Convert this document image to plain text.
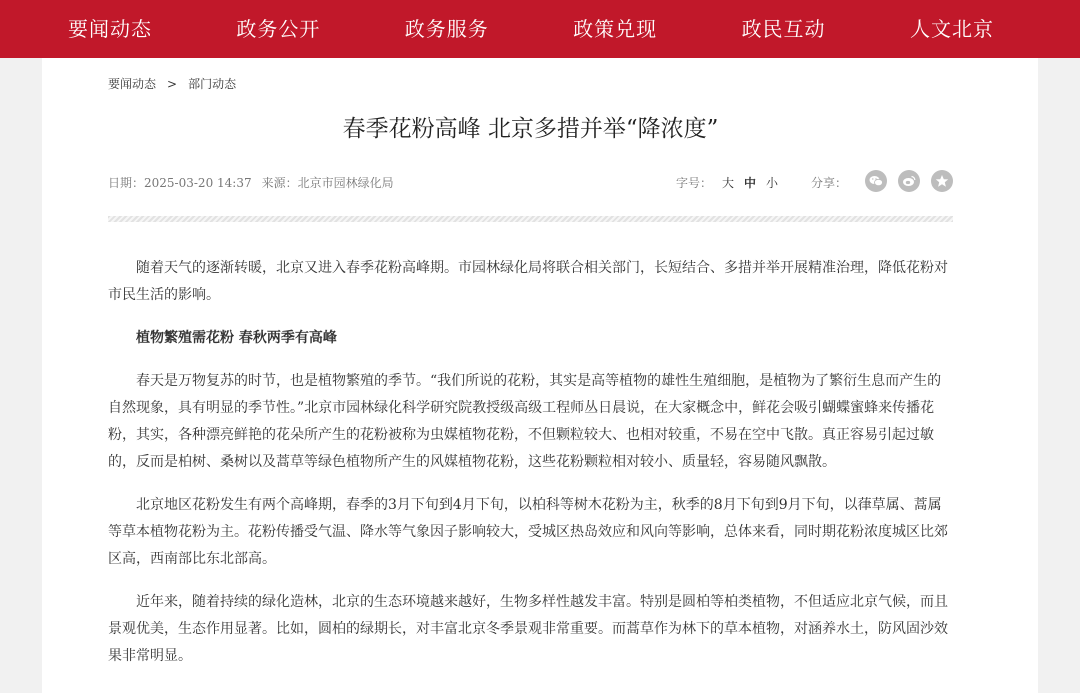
要闻动态	政务公开	政务服务	政策兑现	政民互动	人文北京
要闻动态 > 部门动态
春季花粉高峰 北京多措并举“降浓度”
日期：2025-03-20 14:37 来源：北京市园林绿化局	字号： 大 中 小	分享：

随着天气的逐渐转暖，北京又进入春季花粉高峰期。市园林绿化局将联合相关部门，长短结合、多措并举开展精准治理，降低花粉对市民生活的影响。

植物繁殖需花粉 春秋两季有高峰

春天是万物复苏的时节，也是植物繁殖的季节。“我们所说的花粉，其实是高等植物的雄性生殖细胞，是植物为了繁衍生息而产生的自然现象，具有明显的季节性。”北京市园林绿化科学研究院教授级高级工程师丛日晨说，在大家概念中，鲜花会吸引蝴蝶蜜蜂来传播花粉，其实，各种漂亮鲜艳的花朵所产生的花粉被称为虫媒植物花粉，不但颗粒较大、也相对较重，不易在空中飞散。真正容易引起过敏的，反而是柏树、桑树以及蒿草等绿色植物所产生的风媒植物花粉，这些花粉颗粒相对较小、质量轻，容易随风飘散。

北京地区花粉发生有两个高峰期，春季的3月下旬到4月下旬，以柏科等树木花粉为主，秋季的8月下旬到9月下旬，以葎草属、蒿属等草本植物花粉为主。花粉传播受气温、降水等气象因子影响较大，受城区热岛效应和风向等影响，总体来看，同时期花粉浓度城区比郊区高，西南部比东北部高。

近年来，随着持续的绿化造林，北京的生态环境越来越好，生物多样性越发丰富。特别是圆柏等柏类植物，不但适应北京气候，而且景观优美，生态作用显著。比如，圆柏的绿期长，对丰富北京冬季景观非常重要。而蒿草作为林下的草本植物，对涵养水土，防风固沙效果非常明显。
